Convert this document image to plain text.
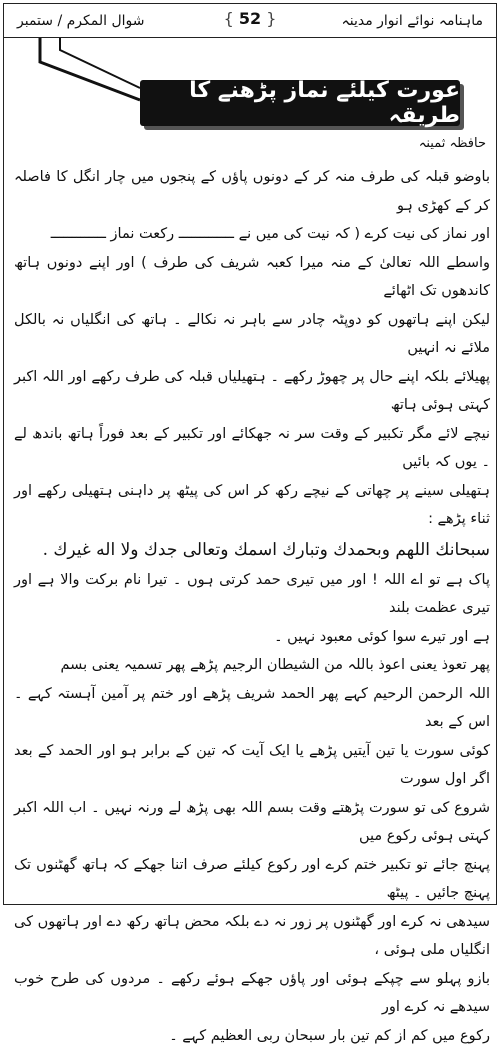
شوال المکرم / ستمبر	{ 52 }	ماہنامہ نوائے انوار مدینہ
عورت کیلئے نماز پڑھنے کا طریقہ
حافظہ ثمینہ

باوضو قبلہ کی طرف منہ کر کے دونوں پاؤں کے پنجوں میں چار انگل کا فاصلہ کر کے کھڑی ہو

اور نماز کی نیت کرے ( کہ نیت کی میں نے ـــــــــــــ رکعت نماز ـــــــــــــ

واسطے اللہ تعالیٰ کے منہ میرا کعبہ شریف کی طرف ) اور اپنے دونوں ہاتھ کاندھوں تک اٹھائے

لیکن اپنے ہاتھوں کو دوپٹہ چادر سے باہر نہ نکالے ۔ ہاتھ کی انگلیاں نہ بالکل ملائے نہ انہیں

پھیلائے بلکہ اپنے حال پر چھوڑ رکھے ۔ ہتھیلیاں قبلہ کی طرف رکھے اور اللہ اکبر کہتی ہوئی ہاتھ

نیچے لائے مگر تکبیر کے وقت سر نہ جھکائے اور تکبیر کے بعد فوراً ہاتھ باندھ لے ۔ یوں کہ بائیں

ہتھیلی سینے پر چھاتی کے نیچے رکھ کر اس کی پیٹھ پر داہنی ہتھیلی رکھے اور ثناء پڑھے :

سبحانك اللهم وبحمدك وتبارك اسمك وتعالى جدك ولا اله غيرك .

پاک ہے تو اے اللہ ! اور میں تیری حمد کرتی ہوں ۔ تیرا نام برکت والا ہے اور تیری عظمت بلند

ہے اور تیرے سوا کوئی معبود نہیں ۔

پھر تعوذ یعنی اعوذ باللہ من الشیطان الرجیم پڑھے پھر تسمیہ یعنی بسم

اللہ الرحمن الرحیم کہے پھر الحمد شریف پڑھے اور ختم پر آمین آہستہ کہے ۔ اس کے بعد

کوئی سورت یا تین آیتیں پڑھے یا ایک آیت کہ تین کے برابر ہو اور الحمد کے بعد اگر اول سورت

شروع کی تو سورت پڑھتے وقت بسم اللہ بھی پڑھ لے ورنہ نہیں ۔ اب اللہ اکبر کہتی ہوئی رکوع میں

پہنچ جائے تو تکبیر ختم کرے اور رکوع کیلئے صرف اتنا جھکے کہ ہاتھ گھٹنوں تک پہنچ جائیں ۔ پیٹھ

سیدھی نہ کرے اور گھٹنوں پر زور نہ دے بلکہ محض ہاتھ رکھ دے اور ہاتھوں کی انگلیاں ملی ہوئی ،

بازو پہلو سے چپکے ہوئی اور پاؤں جھکے ہوئے رکھے ۔ مردوں کی طرح خوب سیدھے نہ کرے اور

رکوع میں کم از کم تین بار سبحان ربی العظیم کہے ۔
